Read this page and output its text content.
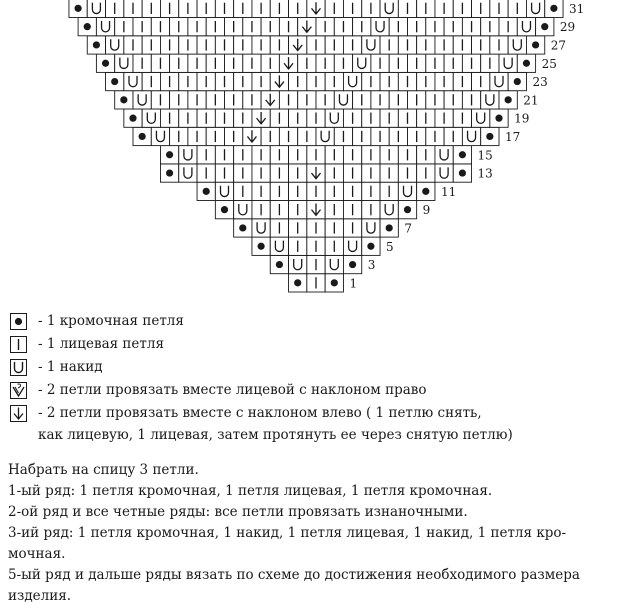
1
3
5
7
9
11
13
15
17
19
21
23
25
27
29
31
- 1 кромочная петля
- 1 лицевая петля
- 1 накид
- 2 петли провязать вместе лицевой с наклоном право
- 2 петли провязать вместе с наклоном влево ( 1 петлю снять,
как лицевую, 1 лицевая, затем протянуть ее через снятую петлю)

Набрать на спицу 3 петли.

1-ый ряд: 1 петля кромочная, 1 петля лицевая, 1 петля кромочная.

2-ой ряд и все четные ряды: все петли провязать изнаночными.

3-ий ряд: 1 петля кромочная, 1 накид, 1 петля лицевая, 1 накид, 1 петля кро-

мочная.

5-ый ряд и дальше ряды вязать по схеме до достижения необходимого размера

изделия.
